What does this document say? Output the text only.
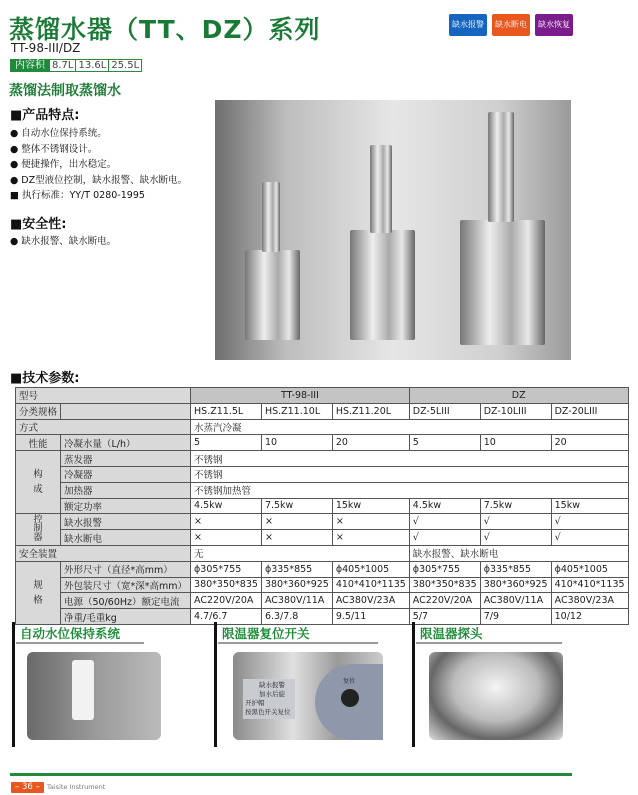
蒸馏水器（TT、DZ）系列
TT-98-III/DZ
内容积 8.7L 13.6L 25.5L
蒸馏法制取蒸馏水
缺水报警	缺水断电	缺水恢复
■产品特点:
● 自动水位保持系统。
● 整体不锈钢设计。
● 便捷操作，出水稳定。
● DZ型液位控制，缺水报警、缺水断电。
■ 执行标准：YY/T 0280-1995
■安全性:
● 缺水报警、缺水断电。
■技术参数:
型号		TT-98-III			DZ		
分类规格		HS.Z11.5L	HS.Z11.10L	HS.Z11.20L	DZ-5LIII	DZ-10LIII	DZ-20LIII
方式		水蒸汽冷凝					
性能	冷凝水量（L/h）	5	10	20	5	10	20
构成	蒸发器	不锈钢					
	冷凝器	不锈钢					
	加热器	不锈钢加热管					
	额定功率	4.5kw	7.5kw	15kw	4.5kw	7.5kw	15kw
控制器	缺水报警	×	×	×	√	√	√
	缺水断电	×	×	×	√	√	√
安全装置		无			缺水报警、缺水断电		
规格	外形尺寸（直径*高mm）	ϕ305*755	ϕ335*855	ϕ405*1005	ϕ305*755	ϕ335*855	ϕ405*1005
	外包装尺寸（宽*深*高mm）	380*350*835	380*360*925	410*410*1135	380*350*835	380*360*925	410*410*1135
	电源（50/60Hz）额定电流	AC220V/20A	AC380V/11A	AC380V/23A	AC220V/20A	AC380V/11A	AC380V/23A
	净重/毛重kg	4.7/6.7	6.3/7.8	9.5/11	5/7	7/9	10/12
自动水位保持系统	限温器复位开关
缺水报警
加水后旋
开护帽
按黑色开关复位
复位
限温器探头
– 36 –	Taisite Instrument
